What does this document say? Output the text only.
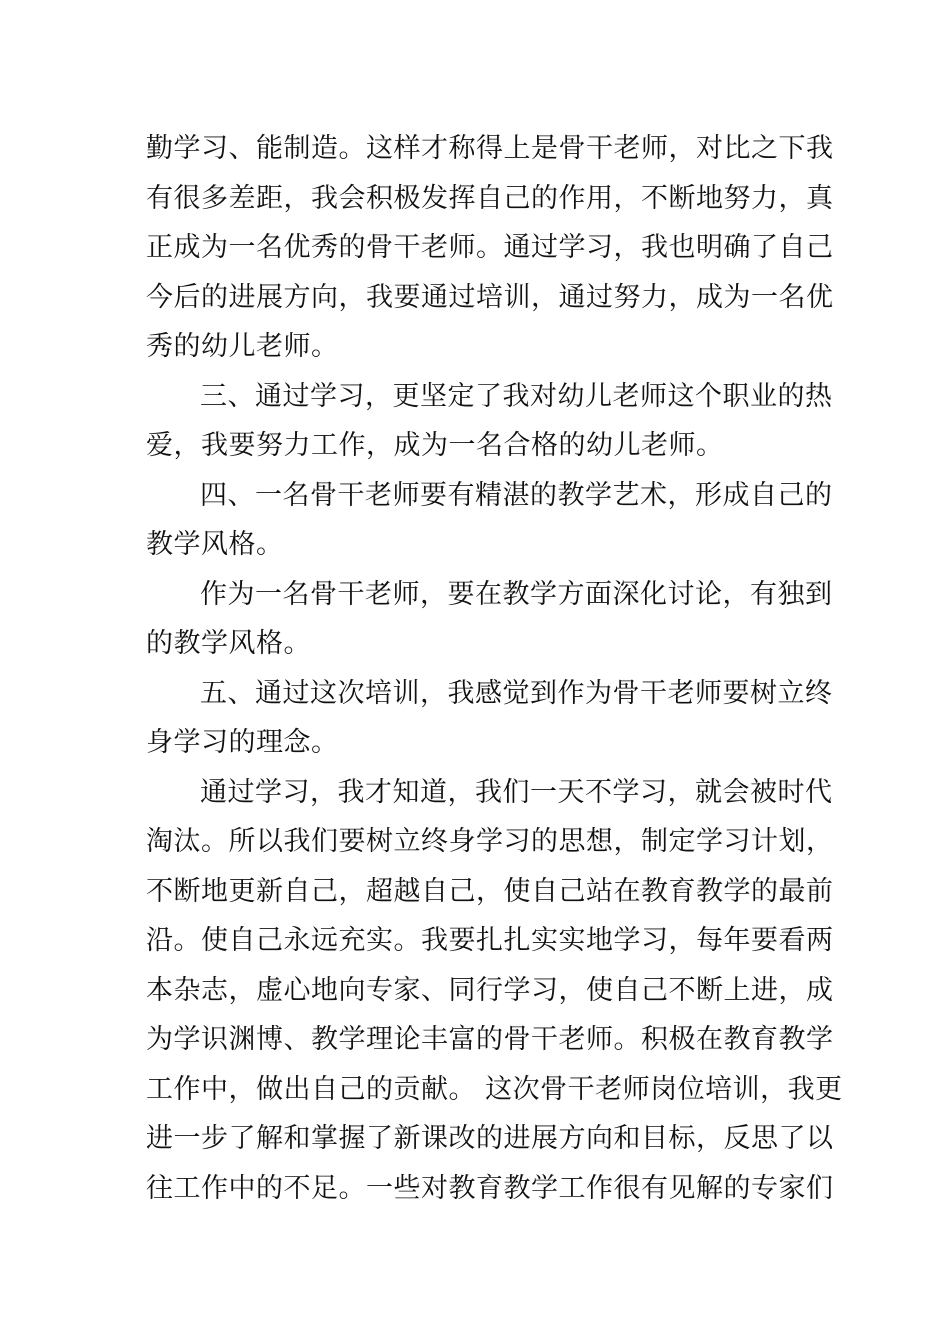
勤学习、能制造。这样才称得上是骨干老师，对比之下我
有很多差距，我会积极发挥自己的作用，不断地努力，真
正成为一名优秀的骨干老师。通过学习，我也明确了自己
今后的进展方向，我要通过培训，通过努力，成为一名优
秀的幼儿老师。
三、通过学习，更坚定了我对幼儿老师这个职业的热
爱，我要努力工作，成为一名合格的幼儿老师。
四、一名骨干老师要有精湛的教学艺术，形成自己的
教学风格。
作为一名骨干老师，要在教学方面深化讨论，有独到
的教学风格。
五、通过这次培训，我感觉到作为骨干老师要树立终
身学习的理念。
通过学习，我才知道，我们一天不学习，就会被时代
淘汰。所以我们要树立终身学习的思想，制定学习计划，
不断地更新自己，超越自己，使自己站在教育教学的最前
沿。使自己永远充实。我要扎扎实实地学习，每年要看两
本杂志，虚心地向专家、同行学习，使自己不断上进，成
为学识渊博、教学理论丰富的骨干老师。积极在教育教学
工作中，做出自己的贡献。 这次骨干老师岗位培训，我更
进一步了解和掌握了新课改的进展方向和目标，反思了以
往工作中的不足。一些对教育教学工作很有见解的专家们
